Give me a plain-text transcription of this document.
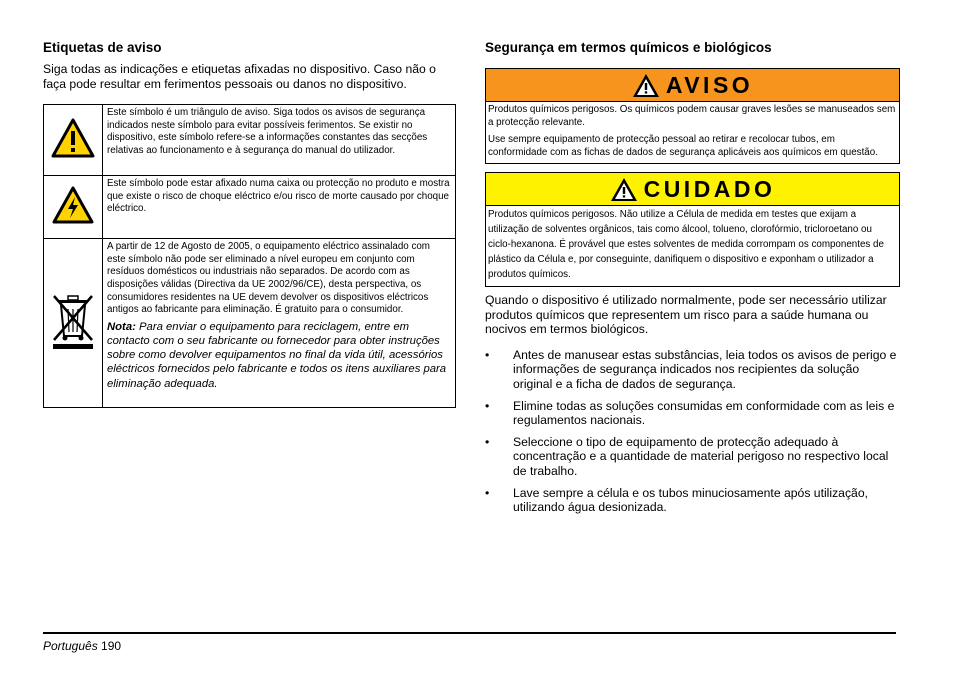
Etiquetas de aviso

Siga todas as indicações e etiquetas afixadas no dispositivo. Caso não o faça pode resultar em ferimentos pessoais ou danos no dispositivo.

Este símbolo é um triângulo de aviso. Siga todos os avisos de segurança indicados neste símbolo para evitar possíveis ferimentos. Se existir no dispositivo, este símbolo refere-se a informações constantes das secções relativas ao funcionamento e à segurança do manual do utilizador.

Este símbolo pode estar afixado numa caixa ou protecção no produto e mostra que existe o risco de choque eléctrico e/ou risco de morte causado por choque eléctrico.

A partir de 12 de Agosto de 2005, o equipamento eléctrico assinalado com este símbolo não pode ser eliminado a nível europeu em conjunto com resíduos domésticos ou industriais não separados. De acordo com as disposições válidas (Directiva da UE 2002/96/CE), desta perspectiva, os consumidores residentes na UE devem devolver os dispositivos eléctricos antigos ao fabricante para eliminação. É gratuito para o consumidor.

Nota: Para enviar o equipamento para reciclagem, entre em contacto com o seu fabricante ou fornecedor para obter instruções sobre como devolver equipamentos no final da vida útil, acessórios eléctricos fornecidos pelo fabricante e todos os itens auxiliares para eliminação adequada.

Segurança em termos químicos e biológicos
AVISO

Produtos químicos perigosos. Os químicos podem causar graves lesões se manuseados sem a protecção relevante.

Use sempre equipamento de protecção pessoal ao retirar e recolocar tubos, em conformidade com as fichas de dados de segurança aplicáveis aos químicos em questão.

CUIDADO

Produtos químicos perigosos. Não utilize a Célula de medida em testes que exijam a utilização de solventes orgânicos, tais como álcool, tolueno, clorofórmio, tricloroetano ou ciclo-hexanona. É provável que estes solventes de medida corrompam os componentes de plástico da Célula e, por conseguinte, danifiquem o dispositivo e exponham o utilizador a produtos químicos.

Quando o dispositivo é utilizado normalmente, pode ser necessário utilizar produtos químicos que representem um risco para a saúde humana ou nocivos em termos biológicos.

• Antes de manusear estas substâncias, leia todos os avisos de perigo e informações de segurança indicados nos recipientes da solução original e a ficha de dados de segurança.
• Elimine todas as soluções consumidas em conformidade com as leis e regulamentos nacionais.
• Seleccione o tipo de equipamento de protecção adequado à concentração e a quantidade de material perigoso no respectivo local de trabalho.
• Lave sempre a célula e os tubos minuciosamente após utilização, utilizando água desionizada.
Português 190
